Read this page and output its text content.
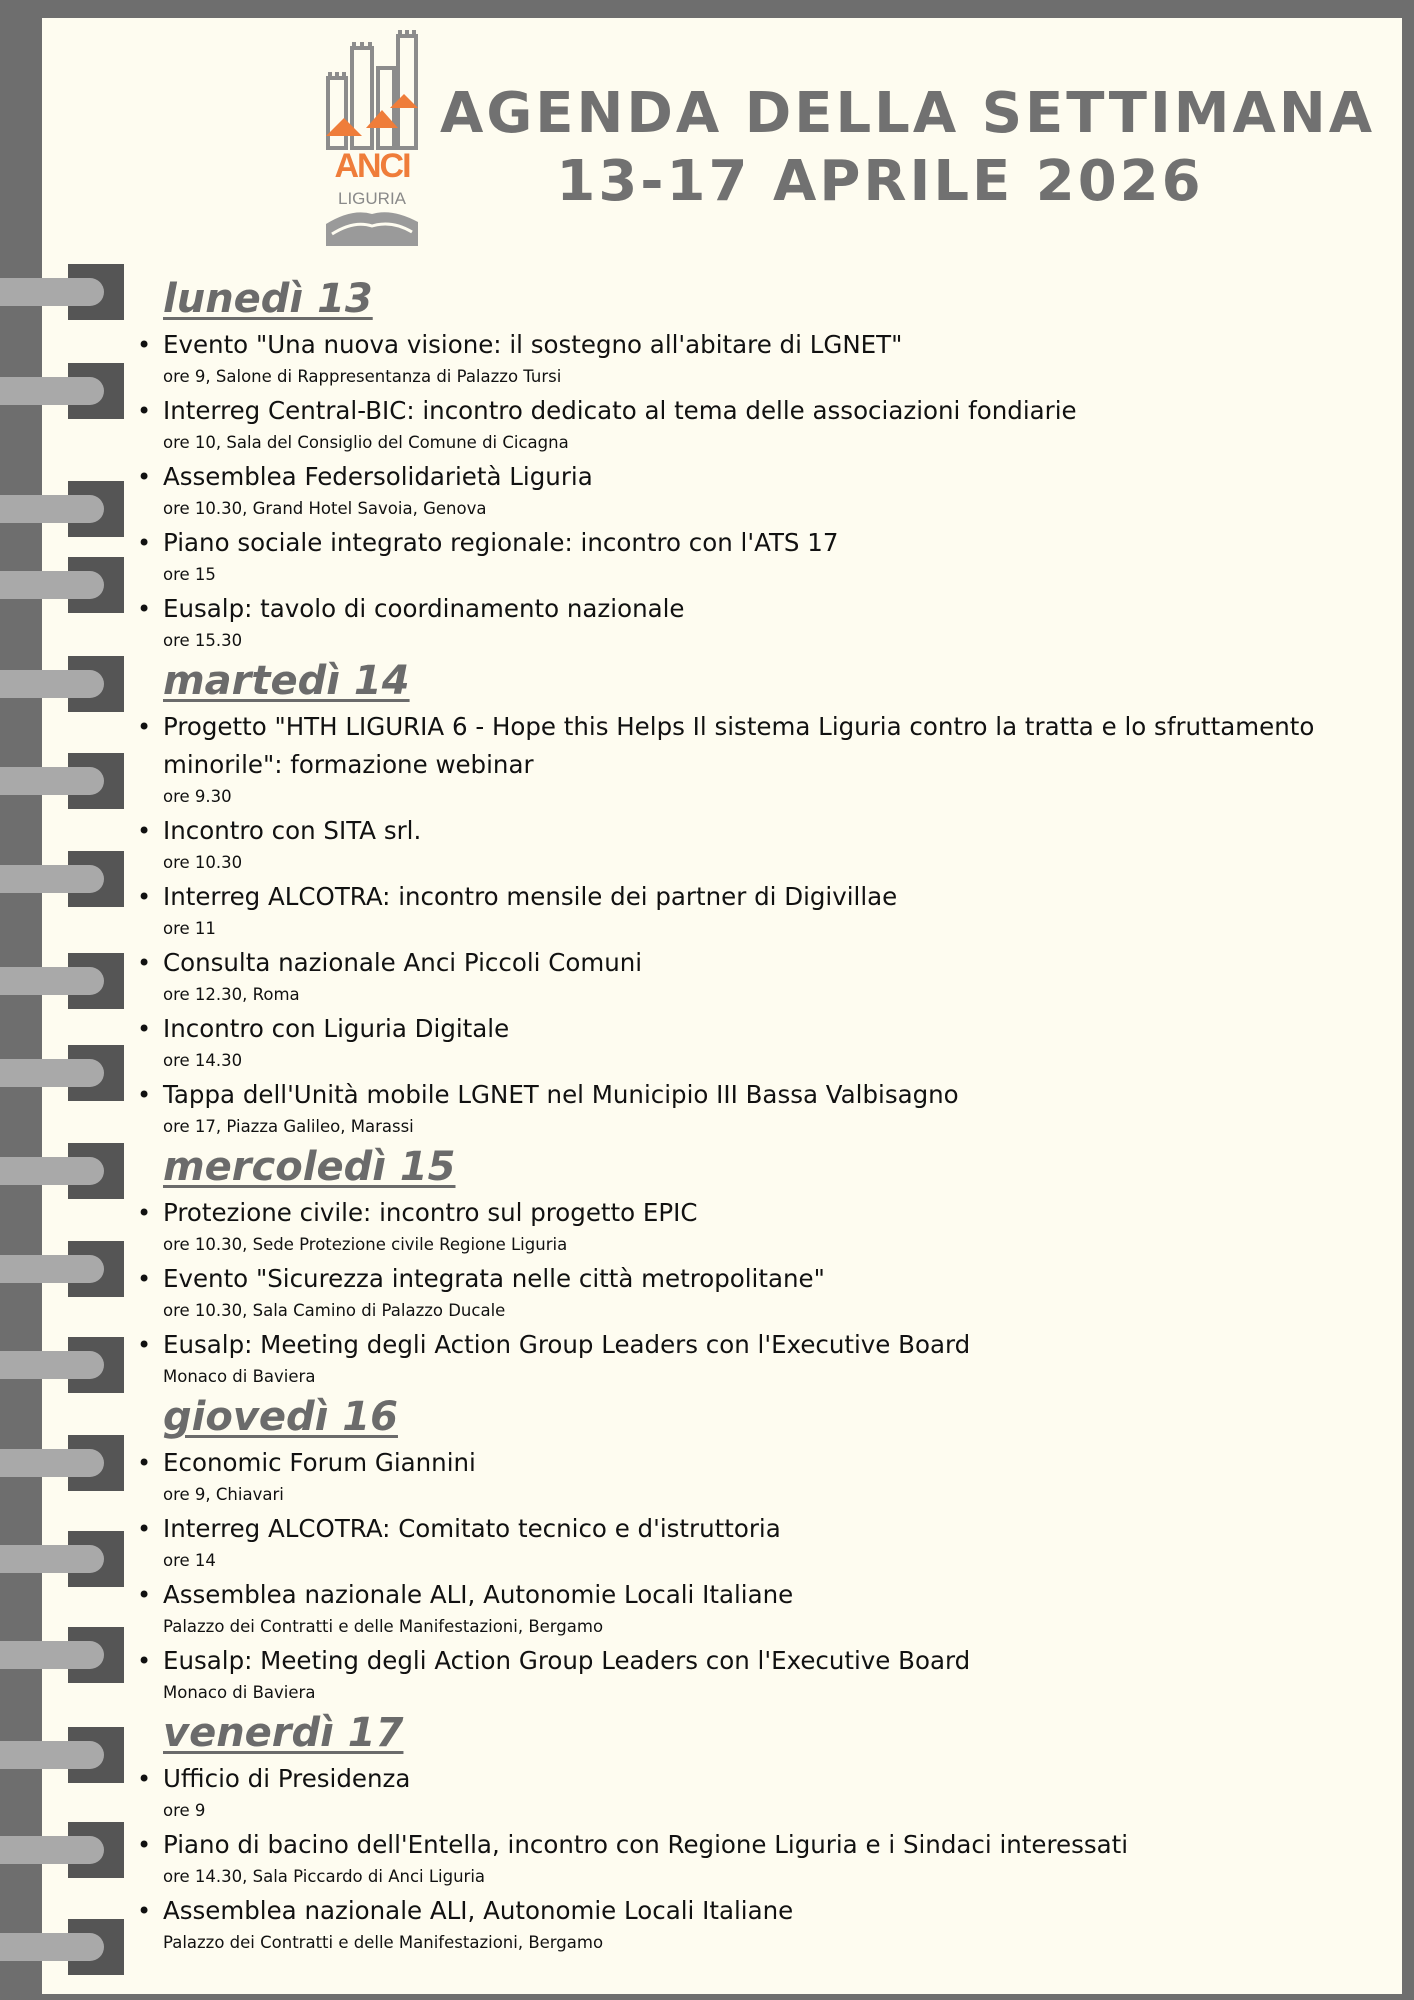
ANCI
LIGURIA
AGENDA DELLA SETTIMANA
13-17 APRILE 2026
lunedì 13
• Evento "Una nuova visione: il sostegno all'abitare di LGNET"
ore 9, Salone di Rappresentanza di Palazzo Tursi
• Interreg Central-BIC: incontro dedicato al tema delle associazioni fondiarie
ore 10, Sala del Consiglio del Comune di Cicagna
• Assemblea Federsolidarietà Liguria
ore 10.30, Grand Hotel Savoia, Genova
• Piano sociale integrato regionale: incontro con l'ATS 17
ore 15
• Eusalp: tavolo di coordinamento nazionale
ore 15.30
martedì 14
• Progetto "HTH LIGURIA 6 - Hope this Helps Il sistema Liguria contro la tratta e lo sfruttamento minorile": formazione webinar
ore 9.30
• Incontro con SITA srl.
ore 10.30
• Interreg ALCOTRA: incontro mensile dei partner di Digivillae
ore 11
• Consulta nazionale Anci Piccoli Comuni
ore 12.30, Roma
• Incontro con Liguria Digitale
ore 14.30
• Tappa dell'Unità mobile LGNET nel Municipio III Bassa Valbisagno
ore 17, Piazza Galileo, Marassi
mercoledì 15
• Protezione civile: incontro sul progetto EPIC
ore 10.30, Sede Protezione civile Regione Liguria
• Evento "Sicurezza integrata nelle città metropolitane"
ore 10.30, Sala Camino di Palazzo Ducale
• Eusalp: Meeting degli Action Group Leaders con l'Executive Board
Monaco di Baviera
giovedì 16
• Economic Forum Giannini
ore 9, Chiavari
• Interreg ALCOTRA: Comitato tecnico e d'istruttoria
ore 14
• Assemblea nazionale ALI, Autonomie Locali Italiane
Palazzo dei Contratti e delle Manifestazioni, Bergamo
• Eusalp: Meeting degli Action Group Leaders con l'Executive Board
Monaco di Baviera
venerdì 17
• Ufficio di Presidenza
ore 9
• Piano di bacino dell'Entella, incontro con Regione Liguria e i Sindaci interessati
ore 14.30, Sala Piccardo di Anci Liguria
• Assemblea nazionale ALI, Autonomie Locali Italiane
Palazzo dei Contratti e delle Manifestazioni, Bergamo
